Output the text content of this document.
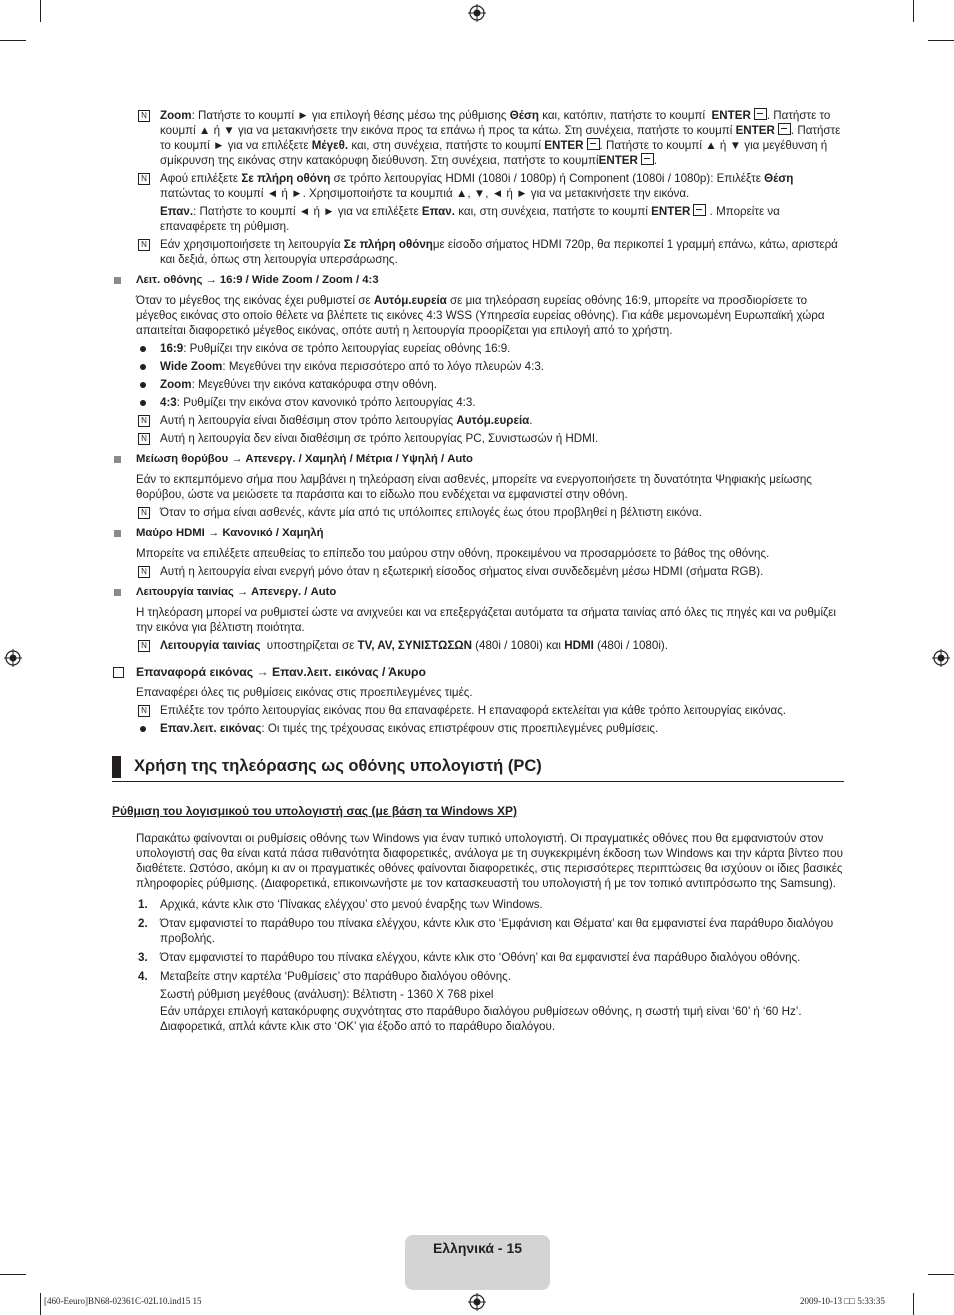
N Zoom: Πατήστε το κουμπί ► για επιλογή θέσης μέσω της ρύθμισης Θέση και, κατόπιν, πατήστε το κουμπί  ENTER . Πατήστε το κουμπί ▲ ή ▼ για να μετακινήσετε την εικόνα προς τα επάνω ή προς τα κάτω. Στη συνέχεια, πατήστε το κουμπί ENTER . Πατήστε το κουμπί ► για να επιλέξετε Μέγεθ. και, στη συνέχεια, πατήστε το κουμπί ENTER . Πατήστε το κουμπί ▲ ή ▼ για μεγέθυνση ή σμίκρυνση της εικόνας στην κατακόρυφη διεύθυνση. Στη συνέχεια, πατήστε το κουμπίENTER .
N Αφού επιλέξετε Σε πλήρη οθόνη σε τρόπο λειτουργίας HDMI (1080i / 1080p) ή Component (1080i / 1080p): Επιλέξτε Θέση πατώντας το κουμπί ◄ ή ►. Χρησιμοποιήστε τα κουμπιά ▲, ▼, ◄ ή ► για να μετακινήσετε την εικόνα.
Επαν.: Πατήστε το κουμπί ◄ ή ► για να επιλέξετε Επαν. και, στη συνέχεια, πατήστε το κουμπί ENTER . Μπορείτε να επαναφέρετε τη ρύθμιση.
N Εάν χρησιμοποιήσετε τη λειτουργία Σε πλήρη οθόνημε είσοδο σήματος HDMI 720p, θα περικοπεί 1 γραμμή επάνω, κάτω, αριστερά και δεξιά, όπως στη λειτουργία υπερσάρωσης.
Λειτ. οθόνης → 16:9 / Wide Zoom / Zoom / 4:3
Όταν το μέγεθος της εικόνας έχει ρυθμιστεί σε Αυτόμ.ευρεία σε μια τηλεόραση ευρείας οθόνης 16:9, μπορείτε να προσδιορίσετε το μέγεθος εικόνας στο οποίο θέλετε να βλέπετε τις εικόνες 4:3 WSS (Υπηρεσία ευρείας οθόνης). Για κάθε μεμονωμένη Ευρωπαϊκή χώρα απαιτείται διαφορετικό μέγεθος εικόνας, οπότε αυτή η λειτουργία προορίζεται για επιλογή από το χρήστη.
16:9: Ρυθμίζει την εικόνα σε τρόπο λειτουργίας ευρείας οθόνης 16:9.
Wide Zoom: Μεγεθύνει την εικόνα περισσότερο από το λόγο πλευρών 4:3.
Zoom: Μεγεθύνει την εικόνα κατακόρυφα στην οθόνη.
4:3: Ρυθμίζει την εικόνα στον κανονικό τρόπο λειτουργίας 4:3.
N Αυτή η λειτουργία είναι διαθέσιμη στον τρόπο λειτουργίας Αυτόμ.ευρεία.
N Αυτή η λειτουργία δεν είναι διαθέσιμη σε τρόπο λειτουργίας PC, Συνιστωσών ή HDMI.
Μείωση θορύβου → Απενεργ. / Χαμηλή / Μέτρια / Υψηλή / Auto
Εάν το εκπεμπόμενο σήμα που λαμβάνει η τηλεόραση είναι ασθενές, μπορείτε να ενεργοποιήσετε τη δυνατότητα Ψηφιακής μείωσης θορύβου, ώστε να μειώσετε τα παράσιτα και το είδωλο που ενδέχεται να εμφανιστεί στην οθόνη.
N Όταν το σήμα είναι ασθενές, κάντε μία από τις υπόλοιπες επιλογές έως ότου προβληθεί η βέλτιστη εικόνα.
Μαύρο HDMI → Κανονικό / Χαμηλή
Μπορείτε να επιλέξετε απευθείας το επίπεδο του μαύρου στην οθόνη, προκειμένου να προσαρμόσετε το βάθος της οθόνης.
N Αυτή η λειτουργία είναι ενεργή μόνο όταν η εξωτερική είσοδος σήματος είναι συνδεδεμένη μέσω HDMI (σήματα RGB).
Λειτουργία ταινίας → Απενεργ. / Auto
Η τηλεόραση μπορεί να ρυθμιστεί ώστε να ανιχνεύει και να επεξεργάζεται αυτόματα τα σήματα ταινίας από όλες τις πηγές και να ρυθμίζει την εικόνα για βέλτιστη ποιότητα.
N Λειτουργία ταινίας  υποστηρίζεται σε TV, AV, ΣΥΝΙΣΤΩΣΩΝ (480i / 1080i) και HDMI (480i / 1080i).
Επαναφορά εικόνας → Επαν.λειτ. εικόνας / Άκυρο
Επαναφέρει όλες τις ρυθμίσεις εικόνας στις προεπιλεγμένες τιμές.
N Επιλέξτε τον τρόπο λειτουργίας εικόνας που θα επαναφέρετε. Η επαναφορά εκτελείται για κάθε τρόπο λειτουργίας εικόνας.
Επαν.λειτ. εικόνας: Οι τιμές της τρέχουσας εικόνας επιστρέφουν στις προεπιλεγμένες ρυθμίσεις.
Χρήση της τηλεόρασης ως οθόνης υπολογιστή (PC)
Ρύθμιση του λογισμικού του υπολογιστή σας (με βάση τα Windows XP)
Παρακάτω φαίνονται οι ρυθμίσεις οθόνης των Windows για έναν τυπικό υπολογιστή. Οι πραγματικές οθόνες που θα εμφανιστούν στον υπολογιστή σας θα είναι κατά πάσα πιθανότητα διαφορετικές, ανάλογα με τη συγκεκριμένη έκδοση των Windows και την κάρτα βίντεο που διαθέτετε. Ωστόσο, ακόμη κι αν οι πραγματικές οθόνες φαίνονται διαφορετικές, στις περισσότερες περιπτώσεις θα ισχύουν οι ίδιες βασικές πληροφορίες ρύθμισης. (Διαφορετικά, επικοινωνήστε με τον κατασκευαστή του υπολογιστή ή με τον τοπικό αντιπρόσωπο της Samsung).
1. Αρχικά, κάντε κλικ στο ‘Πίνακας ελέγχου’ στο μενού έναρξης των Windows.
2. Όταν εμφανιστεί το παράθυρο του πίνακα ελέγχου, κάντε κλικ στο ‘Εμφάνιση και Θέματα’ και θα εμφανιστεί ένα παράθυρο διαλόγου προβολής.
3. Όταν εμφανιστεί το παράθυρο του πίνακα ελέγχου, κάντε κλικ στο ‘Οθόνη’ και θα εμφανιστεί ένα παράθυρο διαλόγου οθόνης.
4. Μεταβείτε στην καρτέλα ‘Ρυθμίσεις’ στο παράθυρο διαλόγου οθόνης.
Σωστή ρύθμιση μεγέθους (ανάλυση): Βέλτιστη - 1360 X 768 pixel
Εάν υπάρχει επιλογή κατακόρυφης συχνότητας στο παράθυρο διαλόγου ρυθμίσεων οθόνης, η σωστή τιμή είναι ‘60’ ή ‘60 Hz’. Διαφορετικά, απλά κάντε κλικ στο ‘OK’ για έξοδο από το παράθυρο διαλόγου.
Ελληνικά - 15
[460-Eeuro]BN68-02361C-02L10.ind15 15	2009-10-13 □□ 5:33:35
